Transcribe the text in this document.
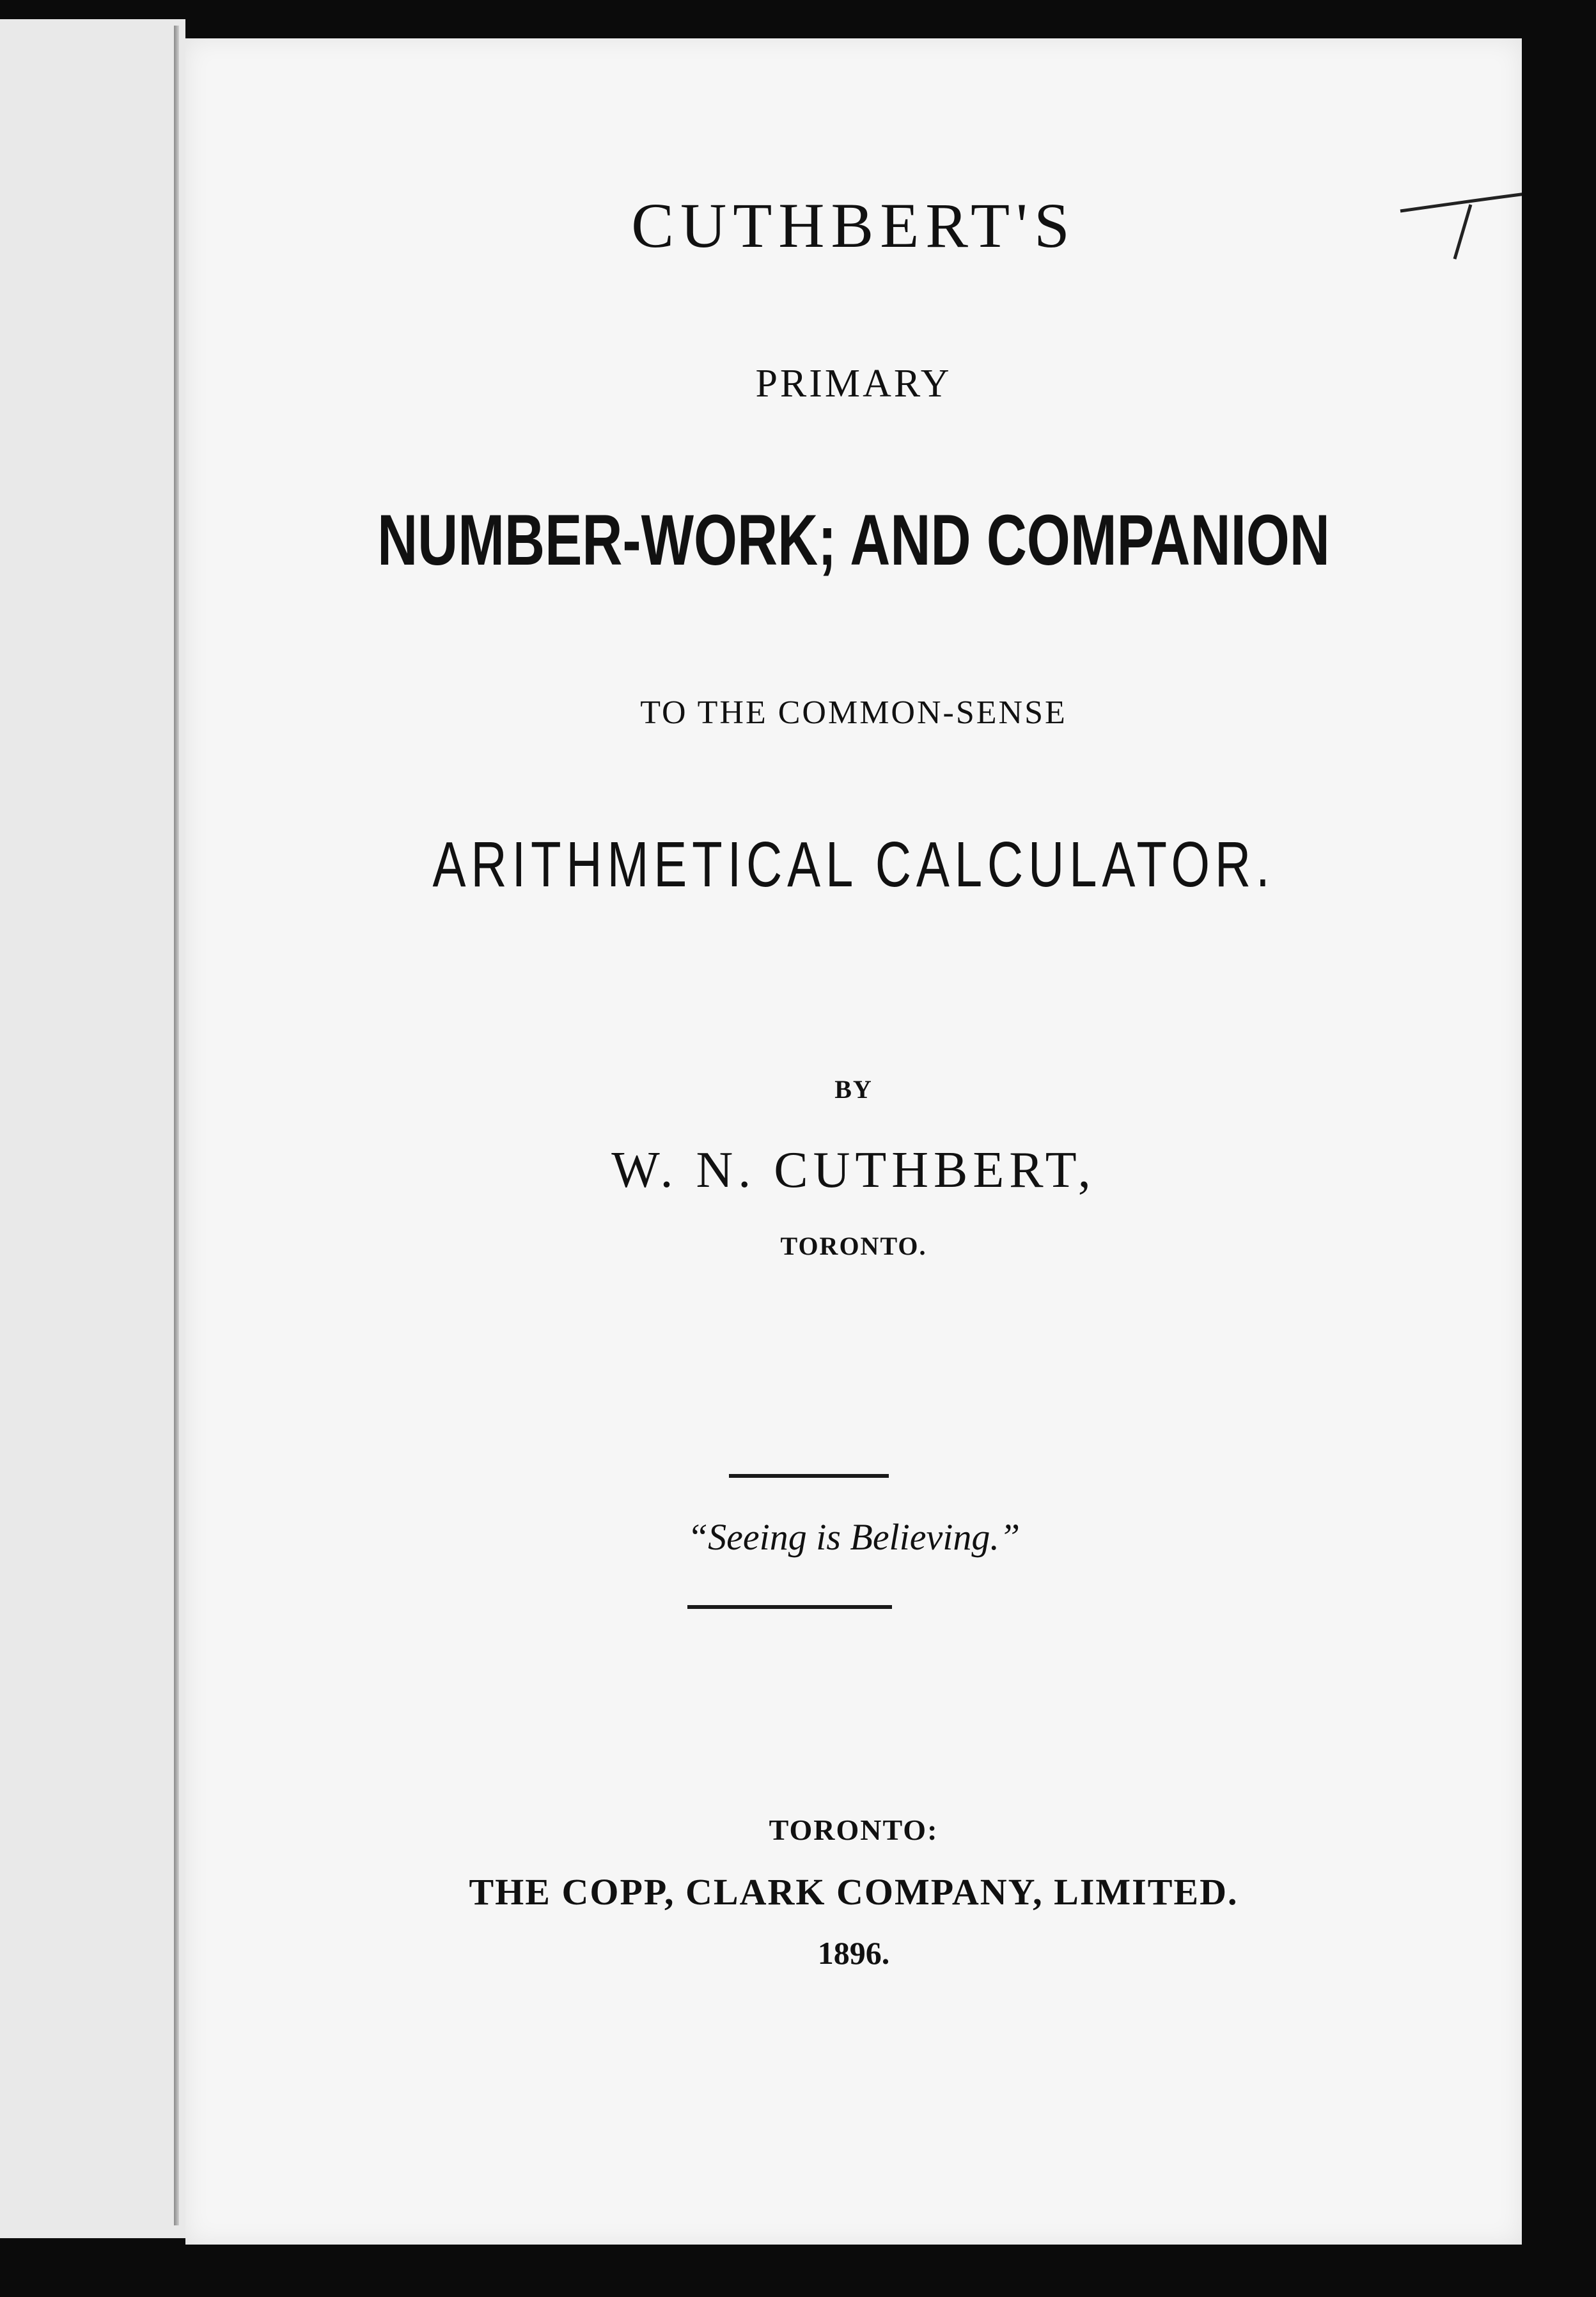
CUTHBERT'S
PRIMARY
NUMBER-WORK; AND COMPANION
TO THE COMMON-SENSE
ARITHMETICAL CALCULATOR.
BY
W. N. CUTHBERT,
TORONTO.
“Seeing is Believing.”
TORONTO:
THE COPP, CLARK COMPANY, LIMITED.
1896.
